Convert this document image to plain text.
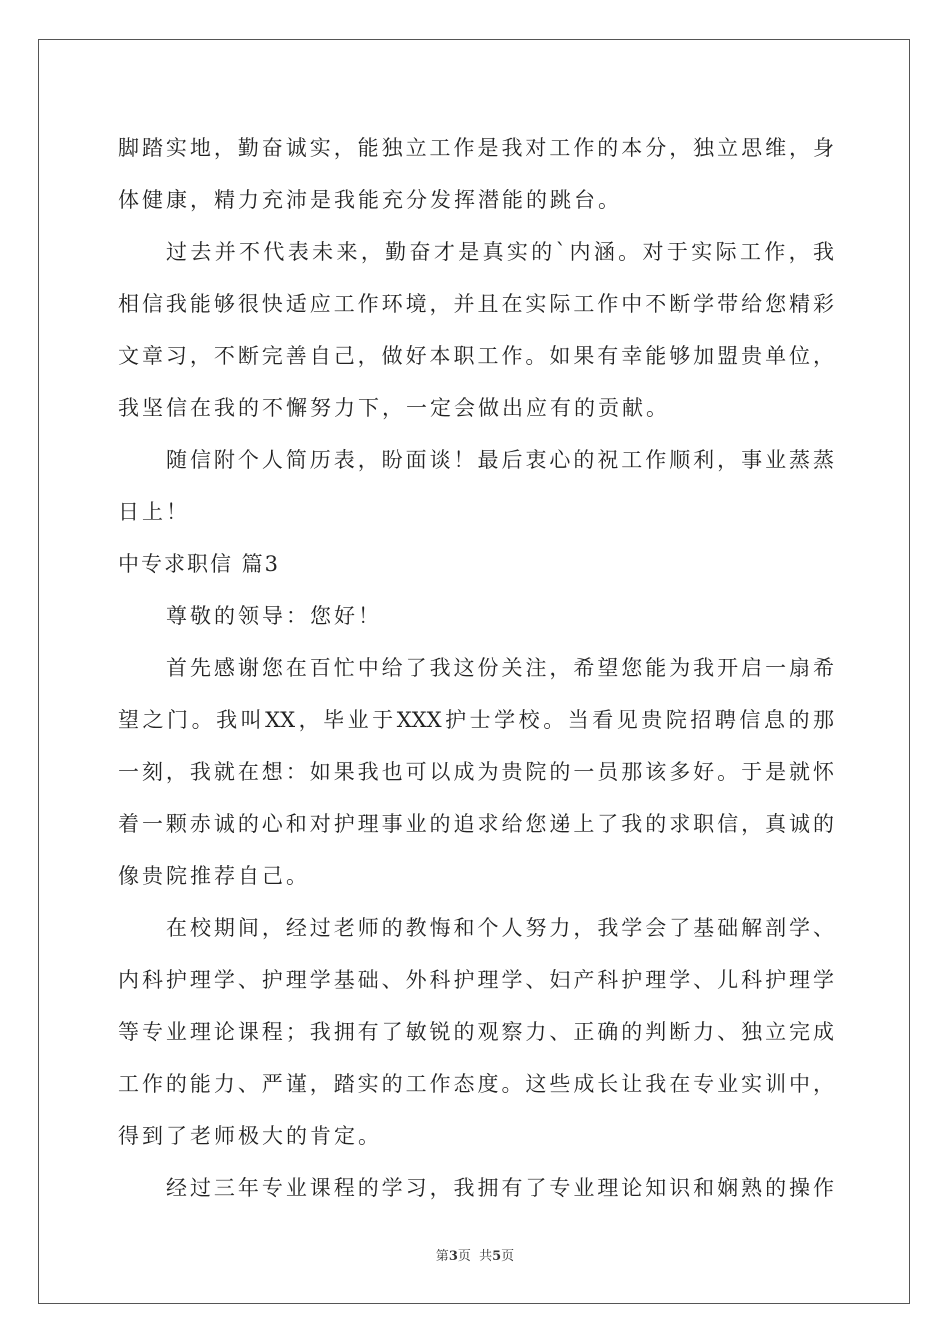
脚踏实地，勤奋诚实，能独立工作是我对工作的本分，独立思维，身
体健康，精力充沛是我能充分发挥潜能的跳台。
过去并不代表未来，勤奋才是真实的`内涵。对于实际工作，我
相信我能够很快适应工作环境，并且在实际工作中不断学带给您精彩
文章习，不断完善自己，做好本职工作。如果有幸能够加盟贵单位，
我坚信在我的不懈努力下，一定会做出应有的贡献。
随信附个人简历表，盼面谈！最后衷心的祝工作顺利，事业蒸蒸
日上！
中专求职信 篇3
尊敬的领导：您好！
首先感谢您在百忙中给了我这份关注，希望您能为我开启一扇希
望之门。我叫XX，毕业于XXX护士学校。当看见贵院招聘信息的那
一刻，我就在想：如果我也可以成为贵院的一员那该多好。于是就怀
着一颗赤诚的心和对护理事业的追求给您递上了我的求职信，真诚的
像贵院推荐自己。
在校期间，经过老师的教悔和个人努力，我学会了基础解剖学、
内科护理学、护理学基础、外科护理学、妇产科护理学、儿科护理学
等专业理论课程；我拥有了敏锐的观察力、正确的判断力、独立完成
工作的能力、严谨，踏实的工作态度。这些成长让我在专业实训中，
得到了老师极大的肯定。
经过三年专业课程的学习，我拥有了专业理论知识和娴熟的操作
第3页  共5页
